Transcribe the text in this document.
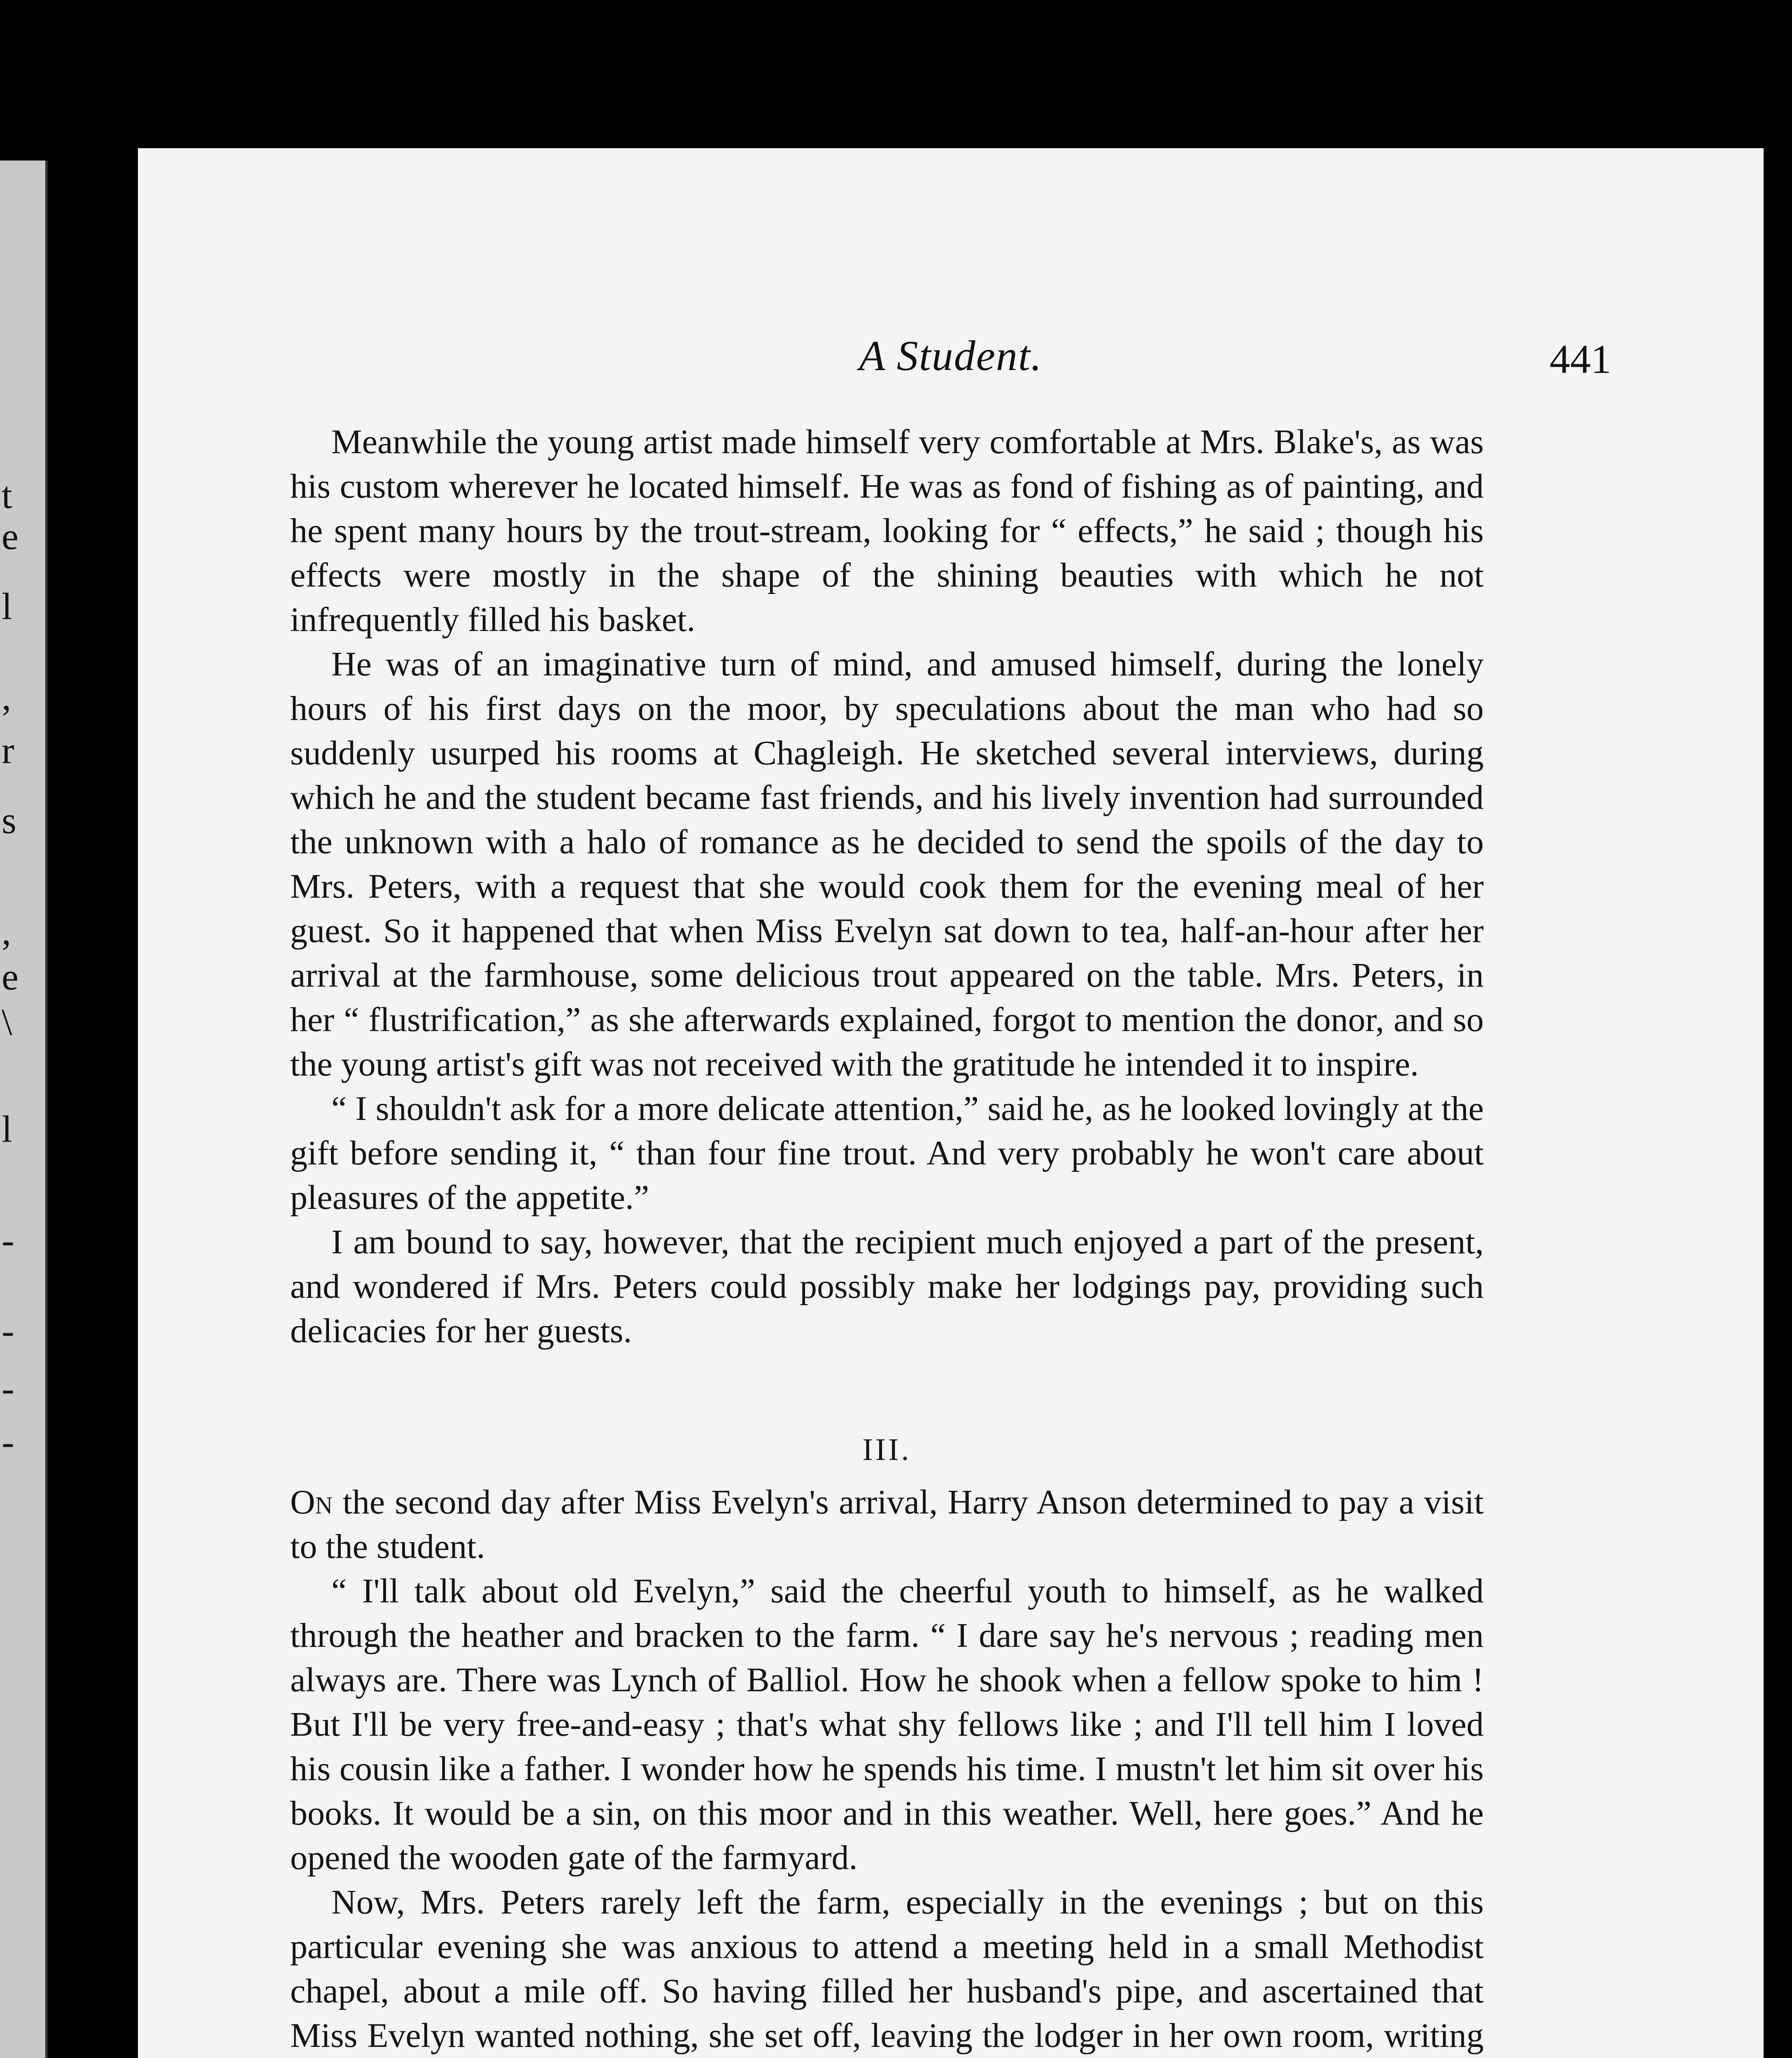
t
e
l
,
r
s
,
e
\
l
-
-
-
-
A Student.	441

Meanwhile the young artist made himself very comfortable at Mrs. Blake's, as was his custom wherever he located himself. He was as fond of fishing as of painting, and he spent many hours by the trout-stream, looking for “ effects,” he said ; though his effects were mostly in the shape of the shining beauties with which he not infrequently filled his basket.

He was of an imaginative turn of mind, and amused himself, during the lonely hours of his first days on the moor, by speculations about the man who had so suddenly usurped his rooms at Chagleigh. He sketched several interviews, during which he and the student became fast friends, and his lively invention had surrounded the unknown with a halo of romance as he decided to send the spoils of the day to Mrs. Peters, with a request that she would cook them for the evening meal of her guest. So it happened that when Miss Evelyn sat down to tea, half-an-hour after her arrival at the farmhouse, some delicious trout appeared on the table. Mrs. Peters, in her “ flustrification,” as she afterwards explained, forgot to mention the donor, and so the young artist's gift was not received with the gratitude he intended it to inspire.

“ I shouldn't ask for a more delicate attention,” said he, as he looked lovingly at the gift before sending it, “ than four fine trout. And very probably he won't care about pleasures of the appetite.”

I am bound to say, however, that the recipient much enjoyed a part of the present, and wondered if Mrs. Peters could possibly make her lodgings pay, providing such delicacies for her guests.

III.

On the second day after Miss Evelyn's arrival, Harry Anson determined to pay a visit to the student.

“ I'll talk about old Evelyn,” said the cheerful youth to himself, as he walked through the heather and bracken to the farm. “ I dare say he's nervous ; reading men always are. There was Lynch of Balliol. How he shook when a fellow spoke to him ! But I'll be very free-and-easy ; that's what shy fellows like ; and I'll tell him I loved his cousin like a father. I wonder how he spends his time. I mustn't let him sit over his books. It would be a sin, on this moor and in this weather. Well, here goes.” And he opened the wooden gate of the farmyard.

Now, Mrs. Peters rarely left the farm, especially in the evenings ; but on this particular evening she was anxious to attend a meeting held in a small Methodist chapel, about a mile off. So having filled her husband's pipe, and ascertained that Miss Evelyn wanted nothing, she set off, leaving the lodger in her own room, writing
